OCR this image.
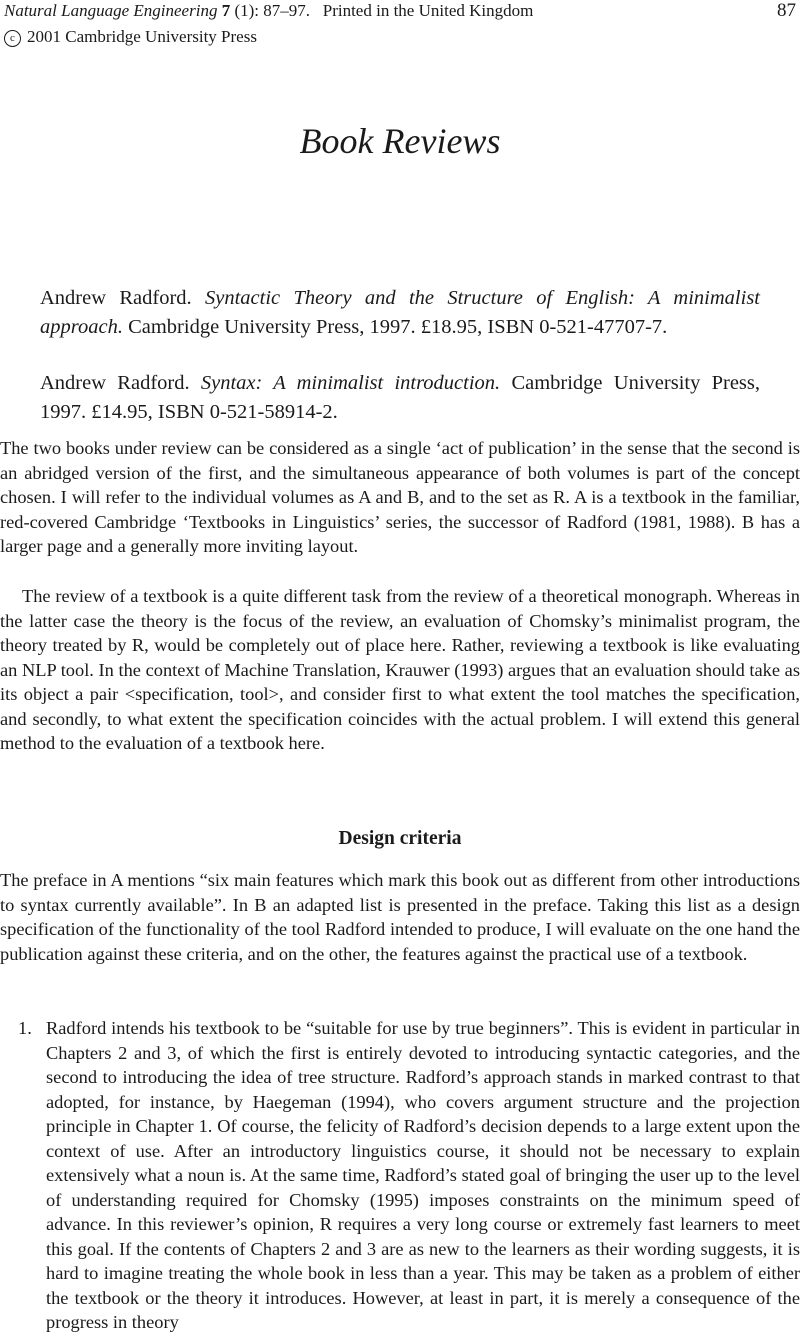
Natural Language Engineering 7 (1): 87–97. Printed in the United Kingdom	87
c 2001 Cambridge University Press
Book Reviews
Andrew Radford. Syntactic Theory and the Structure of English: A minimalist approach. Cambridge University Press, 1997. £18.95, ISBN 0-521-47707-7.
Andrew Radford. Syntax: A minimalist introduction. Cambridge University Press, 1997. £14.95, ISBN 0-521-58914-2.

The two books under review can be considered as a single ‘act of publication’ in the sense that the second is an abridged version of the first, and the simultaneous appearance of both volumes is part of the concept chosen. I will refer to the individual volumes as A and B, and to the set as R. A is a textbook in the familiar, red-covered Cambridge ‘Textbooks in Linguistics’ series, the successor of Radford (1981, 1988). B has a larger page and a generally more inviting layout.

The review of a textbook is a quite different task from the review of a theoretical monograph. Whereas in the latter case the theory is the focus of the review, an evaluation of Chomsky’s minimalist program, the theory treated by R, would be completely out of place here. Rather, reviewing a textbook is like evaluating an NLP tool. In the context of Machine Translation, Krauwer (1993) argues that an evaluation should take as its object a pair <specification, tool>, and consider first to what extent the tool matches the specification, and secondly, to what extent the specification coincides with the actual problem. I will extend this general method to the evaluation of a textbook here.

Design criteria

The preface in A mentions “six main features which mark this book out as different from other introductions to syntax currently available”. In B an adapted list is presented in the preface. Taking this list as a design specification of the functionality of the tool Radford intended to produce, I will evaluate on the one hand the publication against these criteria, and on the other, the features against the practical use of a textbook.

1. Radford intends his textbook to be “suitable for use by true beginners”. This is evident in particular in Chapters 2 and 3, of which the first is entirely devoted to introducing syntactic categories, and the second to introducing the idea of tree structure. Radford’s approach stands in marked contrast to that adopted, for instance, by Haegeman (1994), who covers argument structure and the projection principle in Chapter 1. Of course, the felicity of Radford’s decision depends to a large extent upon the context of use. After an introductory linguistics course, it should not be necessary to explain extensively what a noun is. At the same time, Radford’s stated goal of bringing the user up to the level of understanding required for Chomsky (1995) imposes constraints on the minimum speed of advance. In this reviewer’s opinion, R requires a very long course or extremely fast learners to meet this goal. If the contents of Chapters 2 and 3 are as new to the learners as their wording suggests, it is hard to imagine treating the whole book in less than a year. This may be taken as a problem of either the textbook or the theory it introduces. However, at least in part, it is merely a consequence of the progress in theory
